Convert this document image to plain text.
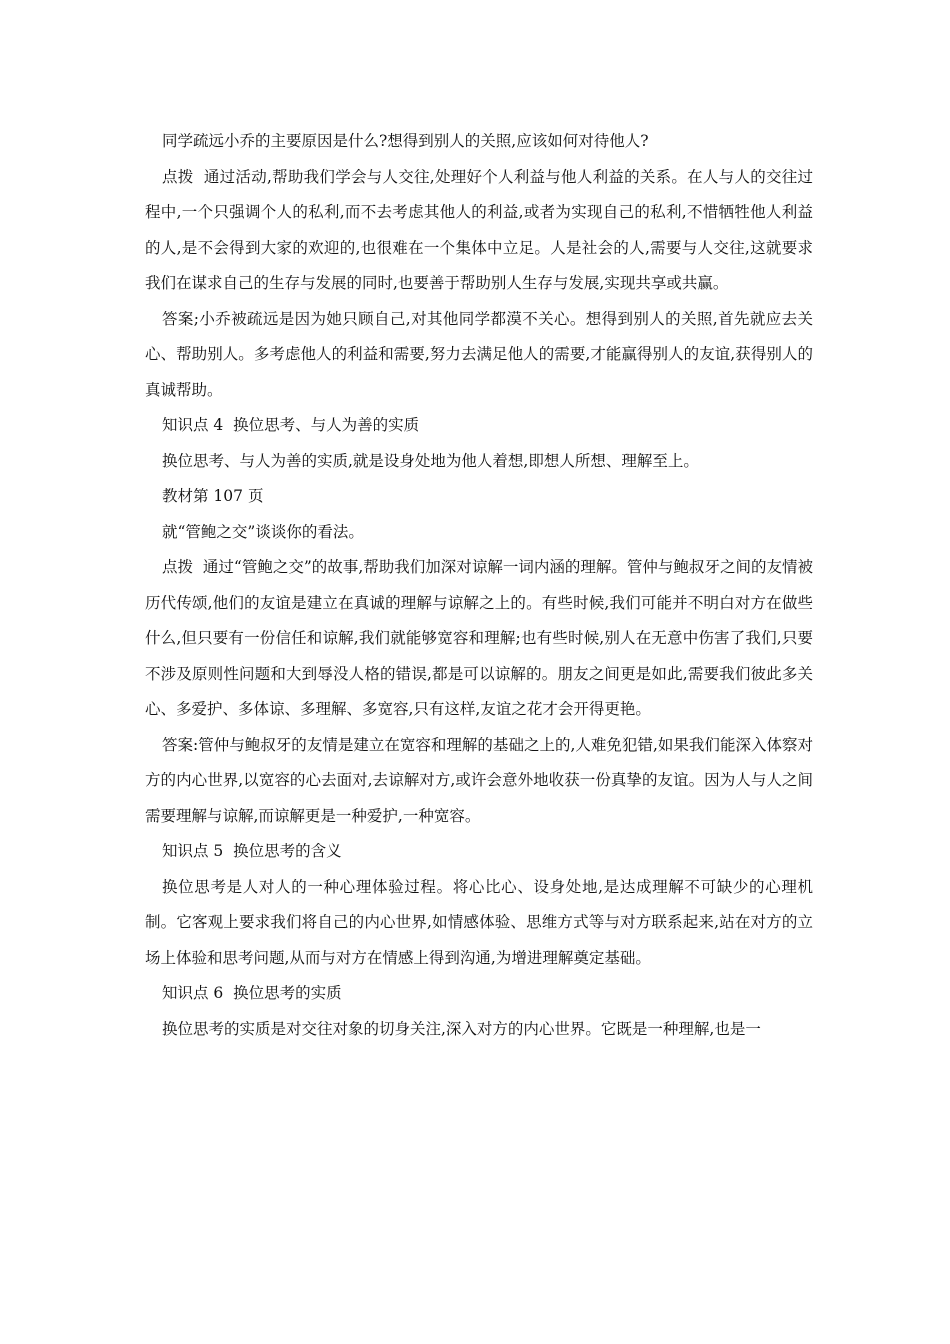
同学疏远小乔的主要原因是什么?想得到别人的关照,应该如何对待他人?

点拨  通过活动,帮助我们学会与人交往,处理好个人利益与他人利益的关系。在人与人的交往过程中,一个只强调个人的私利,而不去考虑其他人的利益,或者为实现自己的私利,不惜牺牲他人利益的人,是不会得到大家的欢迎的,也很难在一个集体中立足。人是社会的人,需要与人交往,这就要求我们在谋求自己的生存与发展的同时,也要善于帮助别人生存与发展,实现共享或共赢。

答案;小乔被疏远是因为她只顾自己,对其他同学都漠不关心。想得到别人的关照,首先就应去关心、帮助别人。多考虑他人的利益和需要,努力去满足他人的需要,才能赢得别人的友谊,获得别人的真诚帮助。

知识点 4  换位思考、与人为善的实质

换位思考、与人为善的实质,就是设身处地为他人着想,即想人所想、理解至上。

教材第 107 页

就“管鲍之交”谈谈你的看法。

点拨  通过“管鲍之交”的故事,帮助我们加深对谅解一词内涵的理解。管仲与鲍叔牙之间的友情被历代传颂,他们的友谊是建立在真诚的理解与谅解之上的。有些时候,我们可能并不明白对方在做些什么,但只要有一份信任和谅解,我们就能够宽容和理解;也有些时候,别人在无意中伤害了我们,只要不涉及原则性问题和大到辱没人格的错误,都是可以谅解的。朋友之间更是如此,需要我们彼此多关心、多爱护、多体谅、多理解、多宽容,只有这样,友谊之花才会开得更艳。

答案:管仲与鲍叔牙的友情是建立在宽容和理解的基础之上的,人难免犯错,如果我们能深入体察对方的内心世界,以宽容的心去面对,去谅解对方,或许会意外地收获一份真挚的友谊。因为人与人之间需要理解与谅解,而谅解更是一种爱护,一种宽容。

知识点 5  换位思考的含义

换位思考是人对人的一种心理体验过程。将心比心、设身处地,是达成理解不可缺少的心理机制。它客观上要求我们将自己的内心世界,如情感体验、思维方式等与对方联系起来,站在对方的立场上体验和思考问题,从而与对方在情感上得到沟通,为增进理解奠定基础。

知识点 6  换位思考的实质

换位思考的实质是对交往对象的切身关注,深入对方的内心世界。它既是一种理解,也是一
